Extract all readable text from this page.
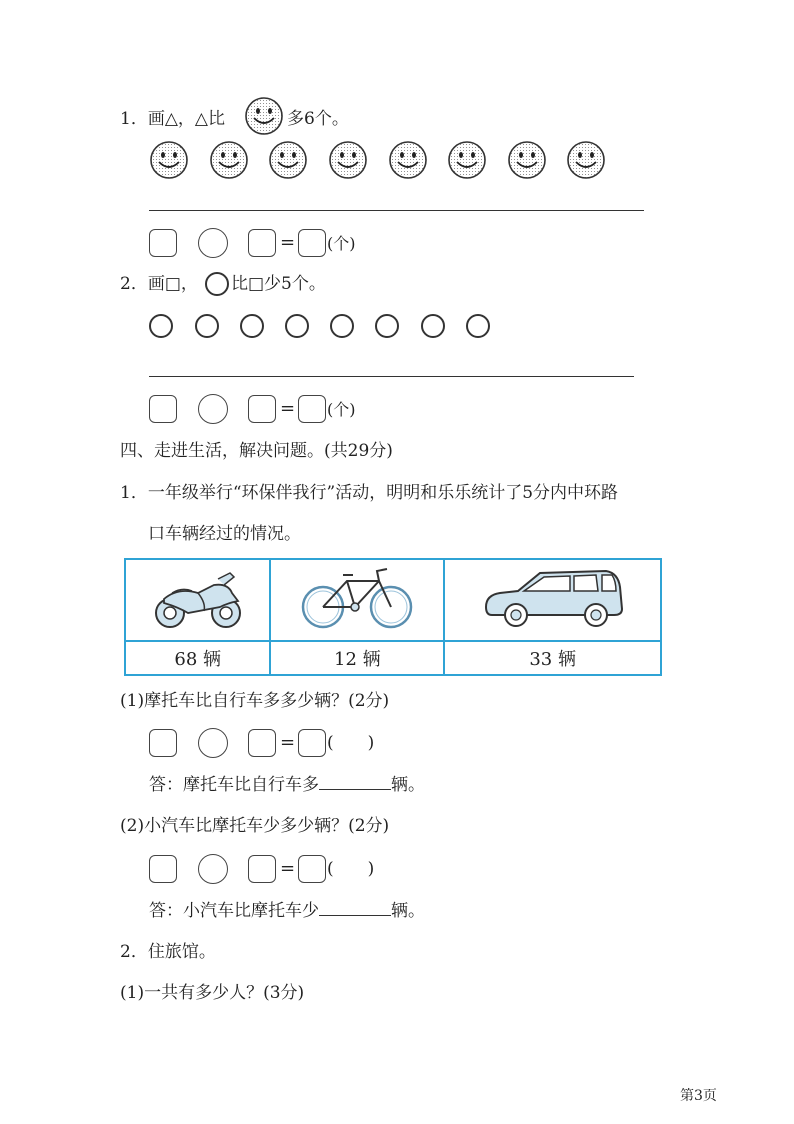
1．画△，△比	多6个。
= (个)
2．画□， 比□少5个。
= (个)
四、走进生活，解决问题。(共29分)
1．一年级举行“环保伴我行”活动，明明和乐乐统计了5分内中环路
口车辆经过的情况。

68 辆	12 辆	33 辆
(1)摩托车比自行车多多少辆？(2分)
= (　　)
答：摩托车比自行车多	辆。
(2)小汽车比摩托车少多少辆？(2分)
= (　　)
答：小汽车比摩托车少	辆。
2．住旅馆。
(1)一共有多少人？(3分)
第3页
